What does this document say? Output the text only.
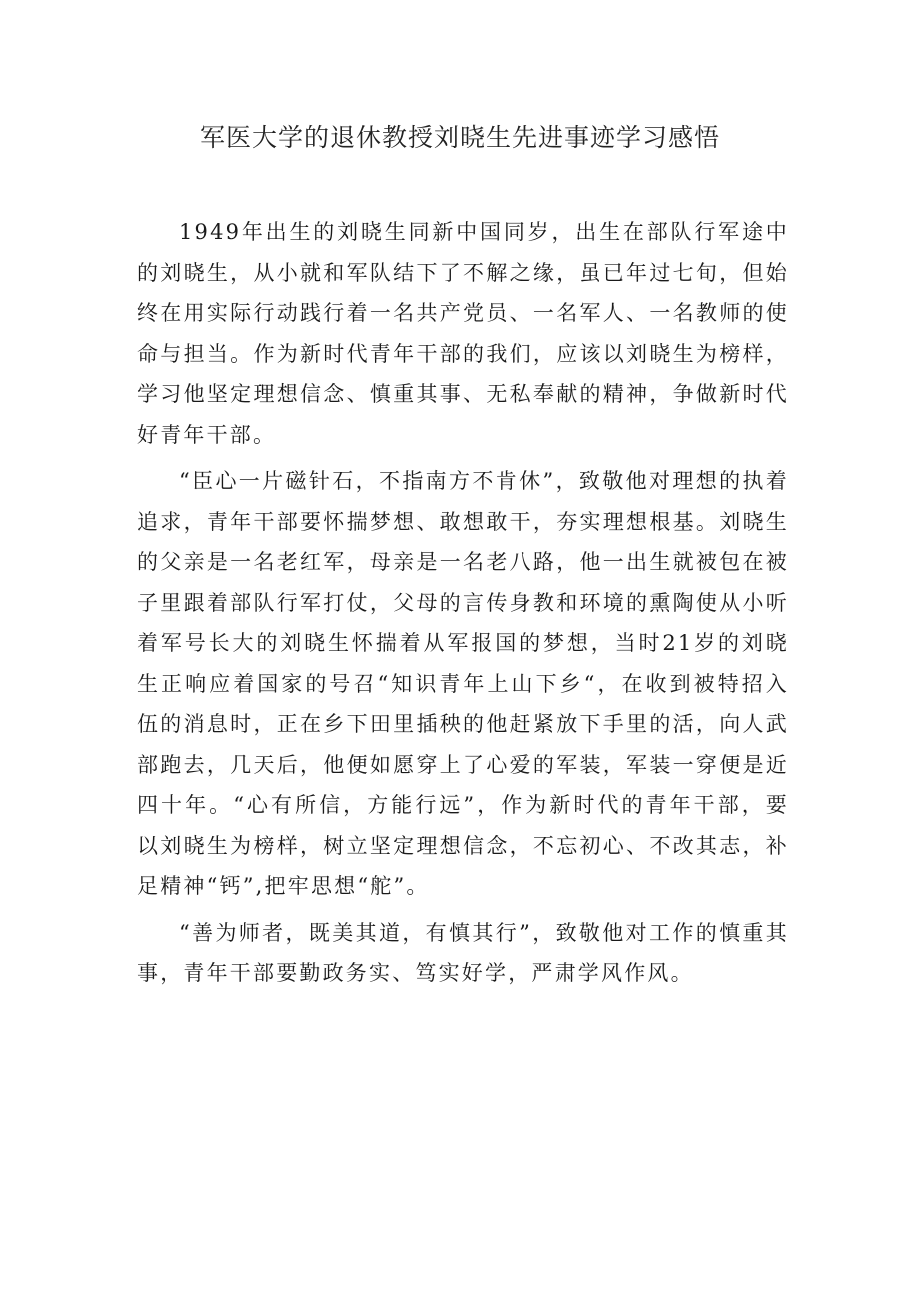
军医大学的退休教授刘晓生先进事迹学习感悟

1949年出生的刘晓生同新中国同岁，出生在部队行军途中的刘晓生，从小就和军队结下了不解之缘，虽已年过七旬，但始终在用实际行动践行着一名共产党员、一名军人、一名教师的使命与担当。作为新时代青年干部的我们，应该以刘晓生为榜样，学习他坚定理想信念、慎重其事、无私奉献的精神，争做新时代好青年干部。

“臣心一片磁针石，不指南方不肯休”，致敬他对理想的执着追求，青年干部要怀揣梦想、敢想敢干，夯实理想根基。刘晓生的父亲是一名老红军，母亲是一名老八路，他一出生就被包在被子里跟着部队行军打仗，父母的言传身教和环境的熏陶使从小听着军号长大的刘晓生怀揣着从军报国的梦想，当时21岁的刘晓生正响应着国家的号召“知识青年上山下乡“，在收到被特招入伍的消息时，正在乡下田里插秧的他赶紧放下手里的活，向人武部跑去，几天后，他便如愿穿上了心爱的军装，军装一穿便是近四十年。“心有所信，方能行远”，作为新时代的青年干部，要以刘晓生为榜样，树立坚定理想信念，不忘初心、不改其志，补足精神“钙”,把牢思想“舵”。

“善为师者，既美其道，有慎其行”，致敬他对工作的慎重其事，青年干部要勤政务实、笃实好学，严肃学风作风。
